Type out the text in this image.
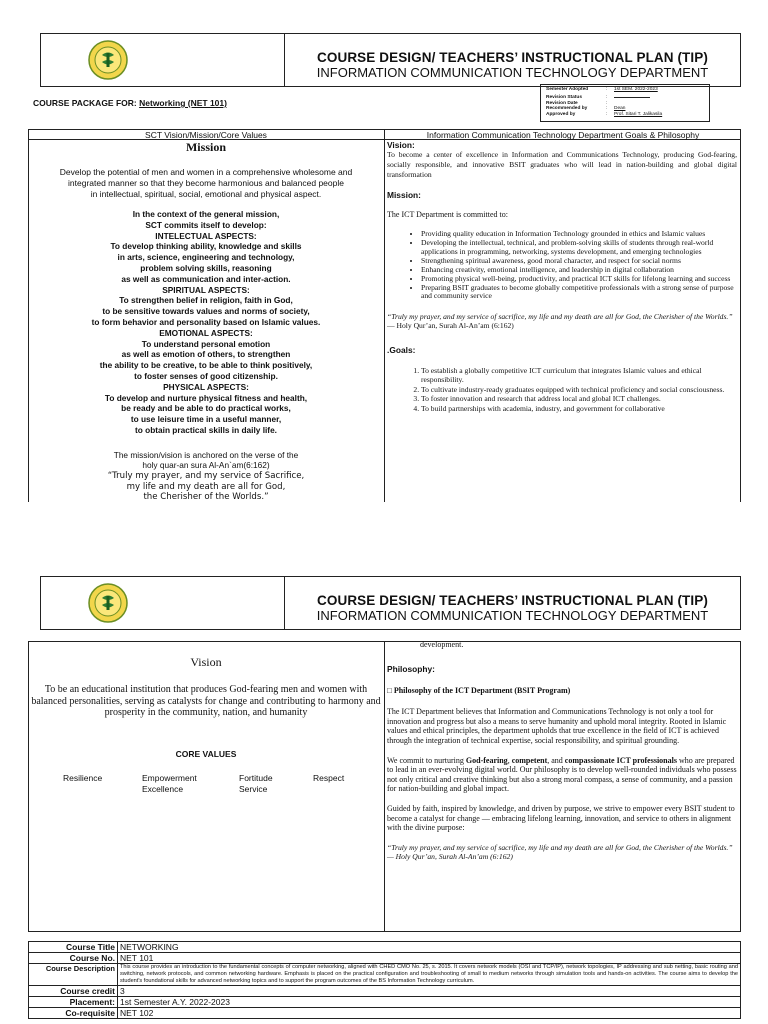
COURSE DESIGN/ TEACHERS’ INSTRUCTIONAL PLAN (TIP)
INFORMATION COMMUNICATION TECHNOLOGY DEPARTMENT
COURSE PACKAGE FOR: Networking (NET 101)
Semester Adopted	: 1st SEM. 2022-2023
Revision Status	:
Revision Date	:
Recommended by	: Dean
Approved by	: Prof. Sitari T. Jalikasila
SCT Vision/Mission/Core Values	Information Communication Technology Department Goals & Philosophy
Mission
Develop the potential of men and women in a comprehensive wholesome and
integrated manner so that they become harmonious and balanced people
in intellectual, spiritual, social, emotional and physical aspect.
In the context of the general mission,
SCT commits itself to develop:
INTELECTUAL ASPECTS:
To develop thinking ability, knowledge and skills
in arts, science, engineering and technology,
problem solving skills, reasoning
as well as communication and inter-action.
SPIRITUAL ASPECTS:
To strengthen belief in religion, faith in God,
to be sensitive towards values and norms of society,
to form behavior and personality based on Islamic values.
EMOTIONAL ASPECTS:
To understand personal emotion
as well as emotion of others, to strengthen
the ability to be creative, to be able to think positively,
to foster senses of good citizenship.
PHYSICAL ASPECTS:
To develop and nurture physical fitness and health,
be ready and be able to do practical works,
to use leisure time in a useful manner,
to obtain practical skills in daily life.
The mission/vision is anchored on the verse of the
holy quar-an sura Al-An`am(6:162)
“Truly my prayer, and my service of Sacrifice,
my life and my death are all for God,
the Cherisher of the Worlds.”
Vision:
To become a center of excellence in Information and Communications Technology, producing God-fearing, socially responsible, and innovative BSIT graduates who will lead in nation-building and global digital transformation
Mission:
The ICT Department is committed to:
• Providing quality education in Information Technology grounded in ethics and Islamic values
• Developing the intellectual, technical, and problem-solving skills of students through real-world applications in programming, networking, systems development, and emerging technologies
• Strengthening spiritual awareness, good moral character, and respect for social norms
• Enhancing creativity, emotional intelligence, and leadership in digital collaboration
• Promoting physical well-being, productivity, and practical ICT skills for lifelong learning and success
• Preparing BSIT graduates to become globally competitive professionals with a strong sense of purpose and community service
“Truly my prayer, and my service of sacrifice, my life and my death are all for God, the Cherisher of the Worlds.”
— Holy Qur’an, Surah Al-An’am (6:162)
.Goals:
1. To establish a globally competitive ICT curriculum that integrates Islamic values and ethical responsibility.
2. To cultivate industry-ready graduates equipped with technical proficiency and social consciousness.
3. To foster innovation and research that address local and global ICT challenges.
4. To build partnerships with academia, industry, and government for collaborative
COURSE DESIGN/ TEACHERS’ INSTRUCTIONAL PLAN (TIP)
INFORMATION COMMUNICATION TECHNOLOGY DEPARTMENT
Vision
To be an educational institution that produces God-fearing men and women with balanced personalities, serving as catalysts for change and contributing to harmony and prosperity in the community, nation, and humanity
CORE VALUES
Resilience	Empowerment	Fortitude	Respect
Excellence	Service
development.
Philosophy:
□ Philosophy of the ICT Department (BSIT Program)
The ICT Department believes that Information and Communications Technology is not only a tool for innovation and progress but also a means to serve humanity and uphold moral integrity. Rooted in Islamic values and ethical principles, the department upholds that true excellence in the field of ICT is achieved through the integration of technical expertise, social responsibility, and spiritual grounding.
We commit to nurturing God-fearing, competent, and compassionate ICT professionals who are prepared to lead in an ever-evolving digital world. Our philosophy is to develop well-rounded individuals who possess not only critical and creative thinking but also a strong moral compass, a sense of community, and a passion for nation-building and global impact.
Guided by faith, inspired by knowledge, and driven by purpose, we strive to empower every BSIT student to become a catalyst for change — embracing lifelong learning, innovation, and service to others in alignment with the divine purpose:
“Truly my prayer, and my service of sacrifice, my life and my death are all for God, the Cherisher of the Worlds.”
— Holy Qur’an, Surah Al-An’am (6:162)
Course Title	NETWORKING
Course No.	NET 101
Course Description	This course provides an introduction to the fundamental concepts of computer networking, aligned with CHED CMO No. 25, s. 2015. It covers network models (OSI and TCP/IP), network topologies, IP addressing and sub netting, basic routing and switching, network protocols, and common networking hardware. Emphasis is placed on the practical configuration and troubleshooting of small to medium networks through simulation tools and hands-on activities. The course aims to develop the student's foundational skills for advanced networking topics and to support the program outcomes of the BS Information Technology curriculum.
Course credit	3
Placement:	1st Semester A.Y. 2022-2023
Co-requisite	NET 102
